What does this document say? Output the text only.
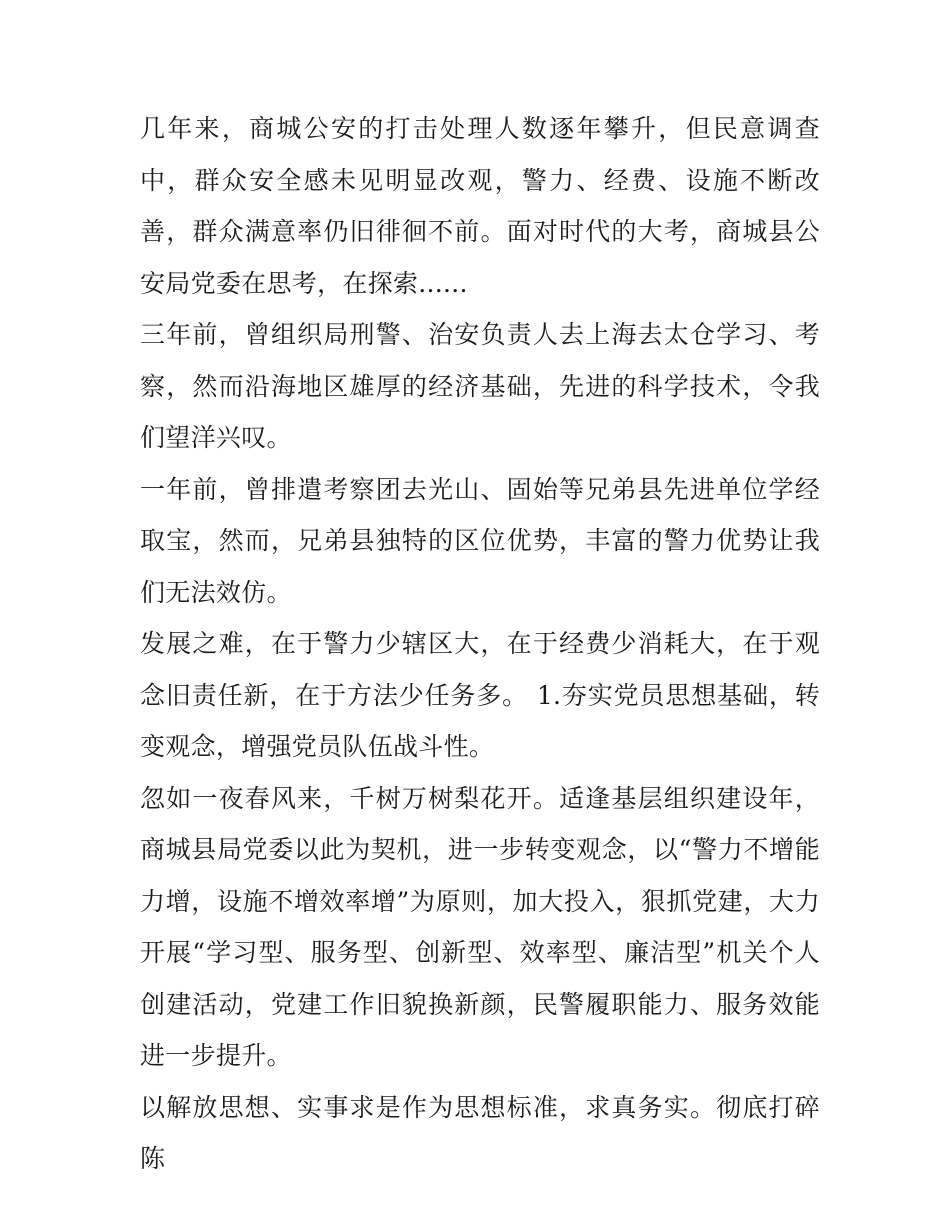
几年来，商城公安的打击处理人数逐年攀升，但民意调查中，群众安全感未见明显改观，警力、经费、设施不断改善，群众满意率仍旧徘徊不前。面对时代的大考，商城县公安局党委在思考，在探索......

三年前，曾组织局刑警、治安负责人去上海去太仓学习、考察，然而沿海地区雄厚的经济基础，先进的科学技术，令我们望洋兴叹。

一年前，曾排遣考察团去光山、固始等兄弟县先进单位学经取宝，然而，兄弟县独特的区位优势，丰富的警力优势让我们无法效仿。

发展之难，在于警力少辖区大，在于经费少消耗大，在于观念旧责任新，在于方法少任务多。 1.夯实党员思想基础，转变观念，增强党员队伍战斗性。

忽如一夜春风来，千树万树梨花开。适逢基层组织建设年，商城县局党委以此为契机，进一步转变观念，以“警力不增能力增，设施不增效率增”为原则，加大投入，狠抓党建，大力开展“学习型、服务型、创新型、效率型、廉洁型”机关个人创建活动，党建工作旧貌换新颜，民警履职能力、服务效能进一步提升。

以解放思想、实事求是作为思想标准，求真务实。彻底打碎陈
